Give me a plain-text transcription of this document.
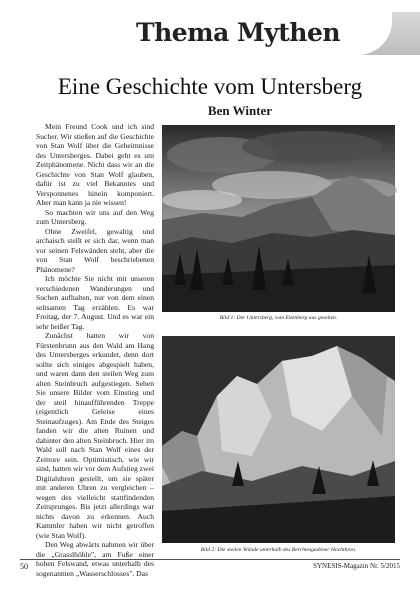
Thema Mythen
Eine Geschichte vom Untersberg
Ben Winter

Mein Freund Cook und ich sind Sucher. Wir stießen auf die Geschichte von Stan Wolf über die Geheimnisse des Untersberges. Dabei geht es um Zeitphänomene. Nicht dass wir an die Geschichte von Stan Wolf glauben, dafür ist zu viel Bekanntes und Versponnenes hinein komponiert. Aber man kann ja nie wissen!

So machten wir uns auf den Weg zum Untersberg.

Ohne Zweifel, gewaltig und archaisch stellt er sich dar, wenn man vor seinen Felswänden steht, aber die von Stan Wolf beschriebenen Phänomene?

Ich möchte Sie nicht mit unseren verschiedenen Wanderungen und Suchen aufhalten, nur von dem einen seltsamen Tag erzählen. Es war Freitag, der 7. August. Und es war ein sehr heißer Tag.

Zunächst hatten wir von Fürstenbrunn aus den Wald am Hang des Untersberges erkundet, denn dort sollte sich einiges abgespielt haben, und waren dann den steilen Weg zum alten Steinbruch aufgestiegen. Sehen Sie unsere Bilder vom Einstieg und der steil hinaufführenden Treppe (eigentlich Geleise eines Steinaufzuges). Am Ende des Steiges fanden wir die alten Ruinen und dahinter den alten Steinbruch. Hier im Wald soll nach Stan Wolf eines der Zeittore sein. Optimistisch, wie wir sind, hatten wir vor dem Aufstieg zwei Digitaluhren gestellt, um sie später mit anderen Uhren zu vergleichen – wegen des vielleicht stattfindenden Zeitsprunges. Bis jetzt allerdings war nichts davon zu erkennen. Auch Kammler haben wir nicht getroffen (wie Stan Wolf).

Den Weg abwärts nahmen wir über die „Grasslhöhle", am Fuße einer hohen Felswand, etwas unterhalb des sogenannten „Wasserschlosses". Das

Bild 1: Der Untersberg, vom Ettenberg aus gesehen.
Bild 2: Die steilen Wände unterhalb des Berchtesgadener Hochthron.
50	SYNESIS-Magazin Nr. 5/2015
